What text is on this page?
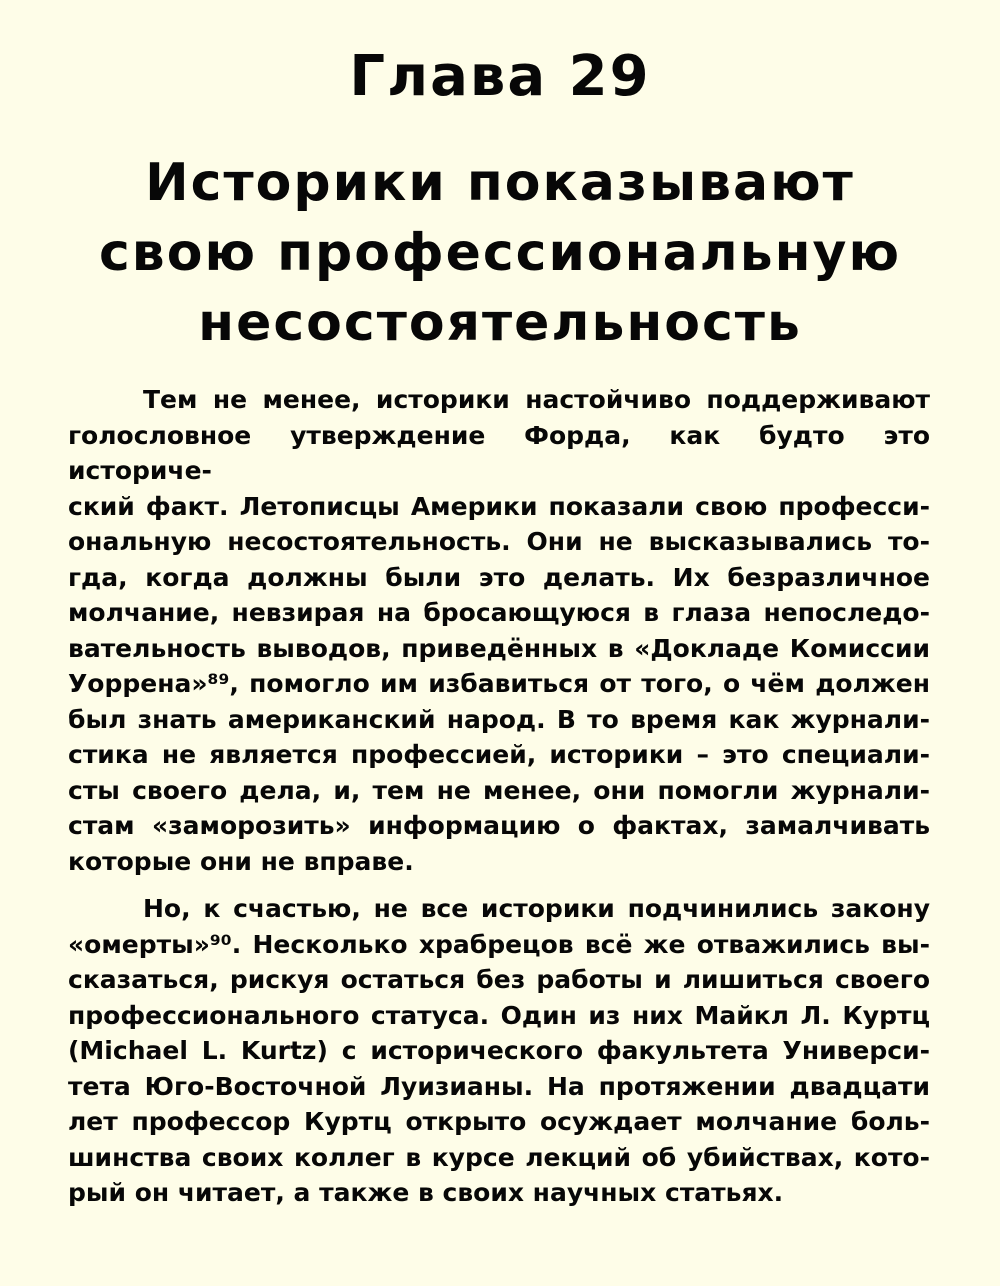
Глава 29
Историки показывают
свою профессиональную
несостоятельность
Тем не менее, историки настойчиво поддерживают
голословное утверждение Форда, как будто это историче-
ский факт. Летописцы Америки показали свою професси-
ональную несостоятельность. Они не высказывались то-
гда, когда должны были это делать. Их безразличное
молчание, невзирая на бросающуюся в глаза непоследо-
вательность выводов, приведённых в «Докладе Комиссии
Уоррена»⁸⁹, помогло им избавиться от того, о чём должен
был знать американский народ. В то время как журнали-
стика не является профессией, историки – это специали-
сты своего дела, и, тем не менее, они помогли журнали-
стам «заморозить» информацию о фактах, замалчивать
которые они не вправе.
Но, к счастью, не все историки подчинились закону
«омерты»⁹⁰. Несколько храбрецов всё же отважились вы-
сказаться, рискуя остаться без работы и лишиться своего
профессионального статуса. Один из них Майкл Л. Куртц
(Michael L. Kurtz) с исторического факультета Универси-
тета Юго-Восточной Луизианы. На протяжении двадцати
лет профессор Куртц открыто осуждает молчание боль-
шинства своих коллег в курсе лекций об убийствах, кото-
рый он читает, а также в своих научных статьях.
